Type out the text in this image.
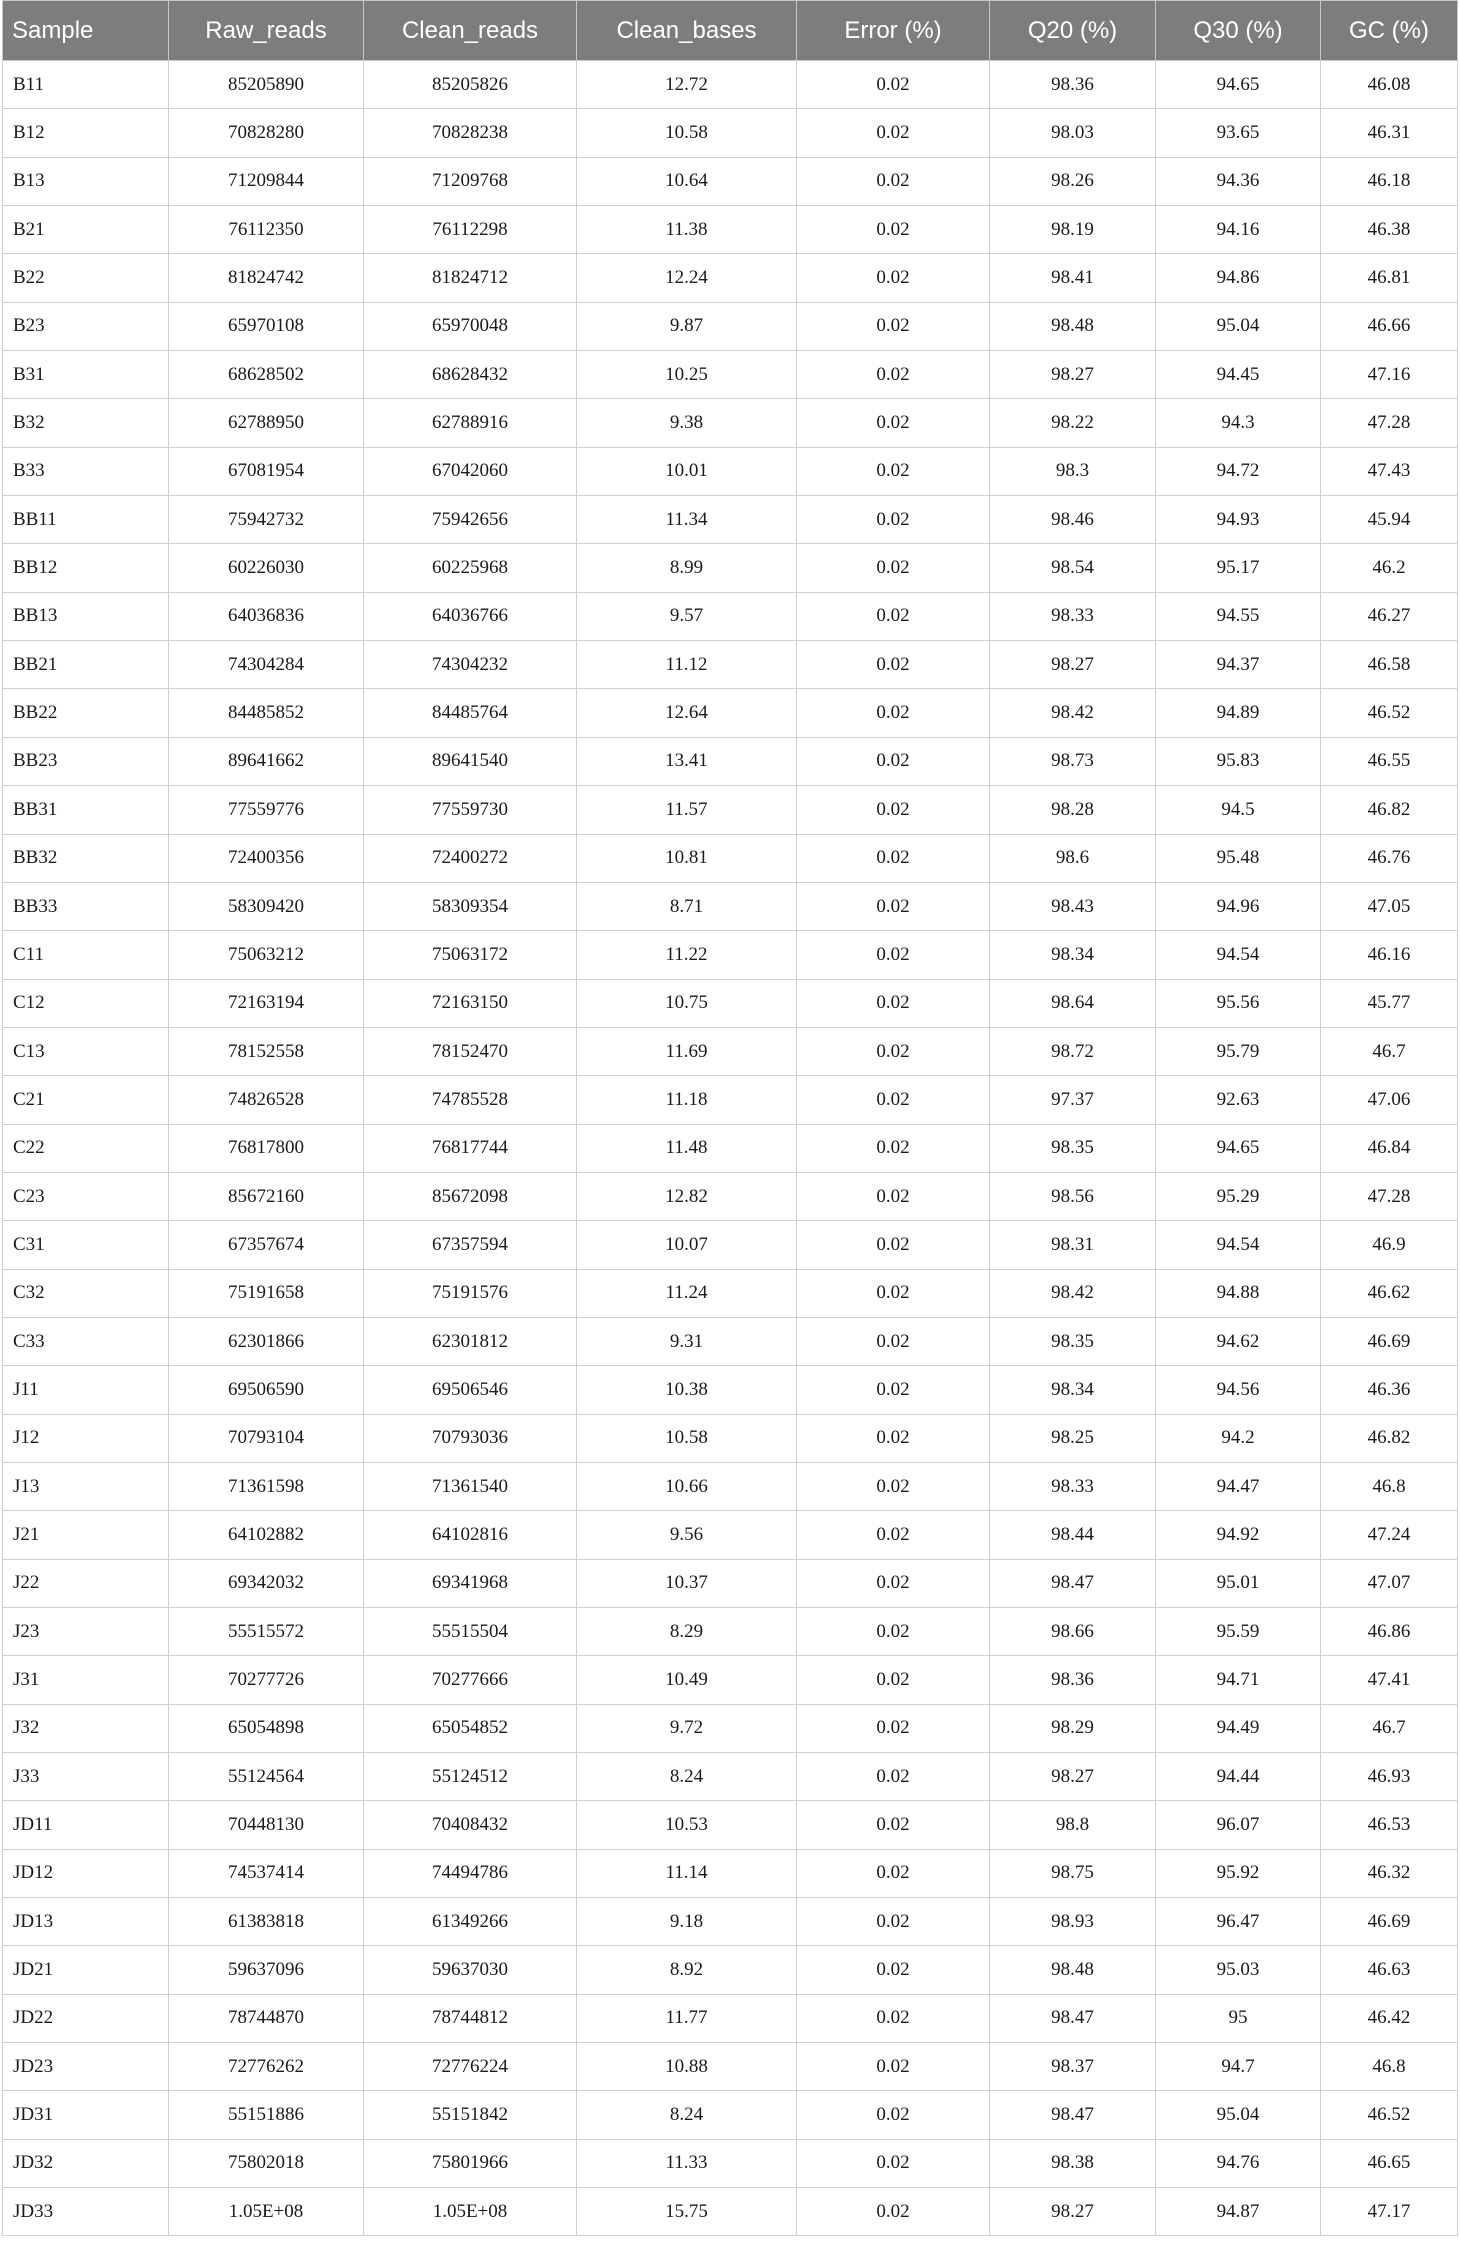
Sample	Raw_reads	Clean_reads	Clean_bases	Error (%)	Q20 (%)	Q30 (%)	GC (%)
B11	85205890	85205826	12.72	0.02	98.36	94.65	46.08
B12	70828280	70828238	10.58	0.02	98.03	93.65	46.31
B13	71209844	71209768	10.64	0.02	98.26	94.36	46.18
B21	76112350	76112298	11.38	0.02	98.19	94.16	46.38
B22	81824742	81824712	12.24	0.02	98.41	94.86	46.81
B23	65970108	65970048	9.87	0.02	98.48	95.04	46.66
B31	68628502	68628432	10.25	0.02	98.27	94.45	47.16
B32	62788950	62788916	9.38	0.02	98.22	94.3	47.28
B33	67081954	67042060	10.01	0.02	98.3	94.72	47.43
BB11	75942732	75942656	11.34	0.02	98.46	94.93	45.94
BB12	60226030	60225968	8.99	0.02	98.54	95.17	46.2
BB13	64036836	64036766	9.57	0.02	98.33	94.55	46.27
BB21	74304284	74304232	11.12	0.02	98.27	94.37	46.58
BB22	84485852	84485764	12.64	0.02	98.42	94.89	46.52
BB23	89641662	89641540	13.41	0.02	98.73	95.83	46.55
BB31	77559776	77559730	11.57	0.02	98.28	94.5	46.82
BB32	72400356	72400272	10.81	0.02	98.6	95.48	46.76
BB33	58309420	58309354	8.71	0.02	98.43	94.96	47.05
C11	75063212	75063172	11.22	0.02	98.34	94.54	46.16
C12	72163194	72163150	10.75	0.02	98.64	95.56	45.77
C13	78152558	78152470	11.69	0.02	98.72	95.79	46.7
C21	74826528	74785528	11.18	0.02	97.37	92.63	47.06
C22	76817800	76817744	11.48	0.02	98.35	94.65	46.84
C23	85672160	85672098	12.82	0.02	98.56	95.29	47.28
C31	67357674	67357594	10.07	0.02	98.31	94.54	46.9
C32	75191658	75191576	11.24	0.02	98.42	94.88	46.62
C33	62301866	62301812	9.31	0.02	98.35	94.62	46.69
J11	69506590	69506546	10.38	0.02	98.34	94.56	46.36
J12	70793104	70793036	10.58	0.02	98.25	94.2	46.82
J13	71361598	71361540	10.66	0.02	98.33	94.47	46.8
J21	64102882	64102816	9.56	0.02	98.44	94.92	47.24
J22	69342032	69341968	10.37	0.02	98.47	95.01	47.07
J23	55515572	55515504	8.29	0.02	98.66	95.59	46.86
J31	70277726	70277666	10.49	0.02	98.36	94.71	47.41
J32	65054898	65054852	9.72	0.02	98.29	94.49	46.7
J33	55124564	55124512	8.24	0.02	98.27	94.44	46.93
JD11	70448130	70408432	10.53	0.02	98.8	96.07	46.53
JD12	74537414	74494786	11.14	0.02	98.75	95.92	46.32
JD13	61383818	61349266	9.18	0.02	98.93	96.47	46.69
JD21	59637096	59637030	8.92	0.02	98.48	95.03	46.63
JD22	78744870	78744812	11.77	0.02	98.47	95	46.42
JD23	72776262	72776224	10.88	0.02	98.37	94.7	46.8
JD31	55151886	55151842	8.24	0.02	98.47	95.04	46.52
JD32	75802018	75801966	11.33	0.02	98.38	94.76	46.65
JD33	1.05E+08	1.05E+08	15.75	0.02	98.27	94.87	47.17
